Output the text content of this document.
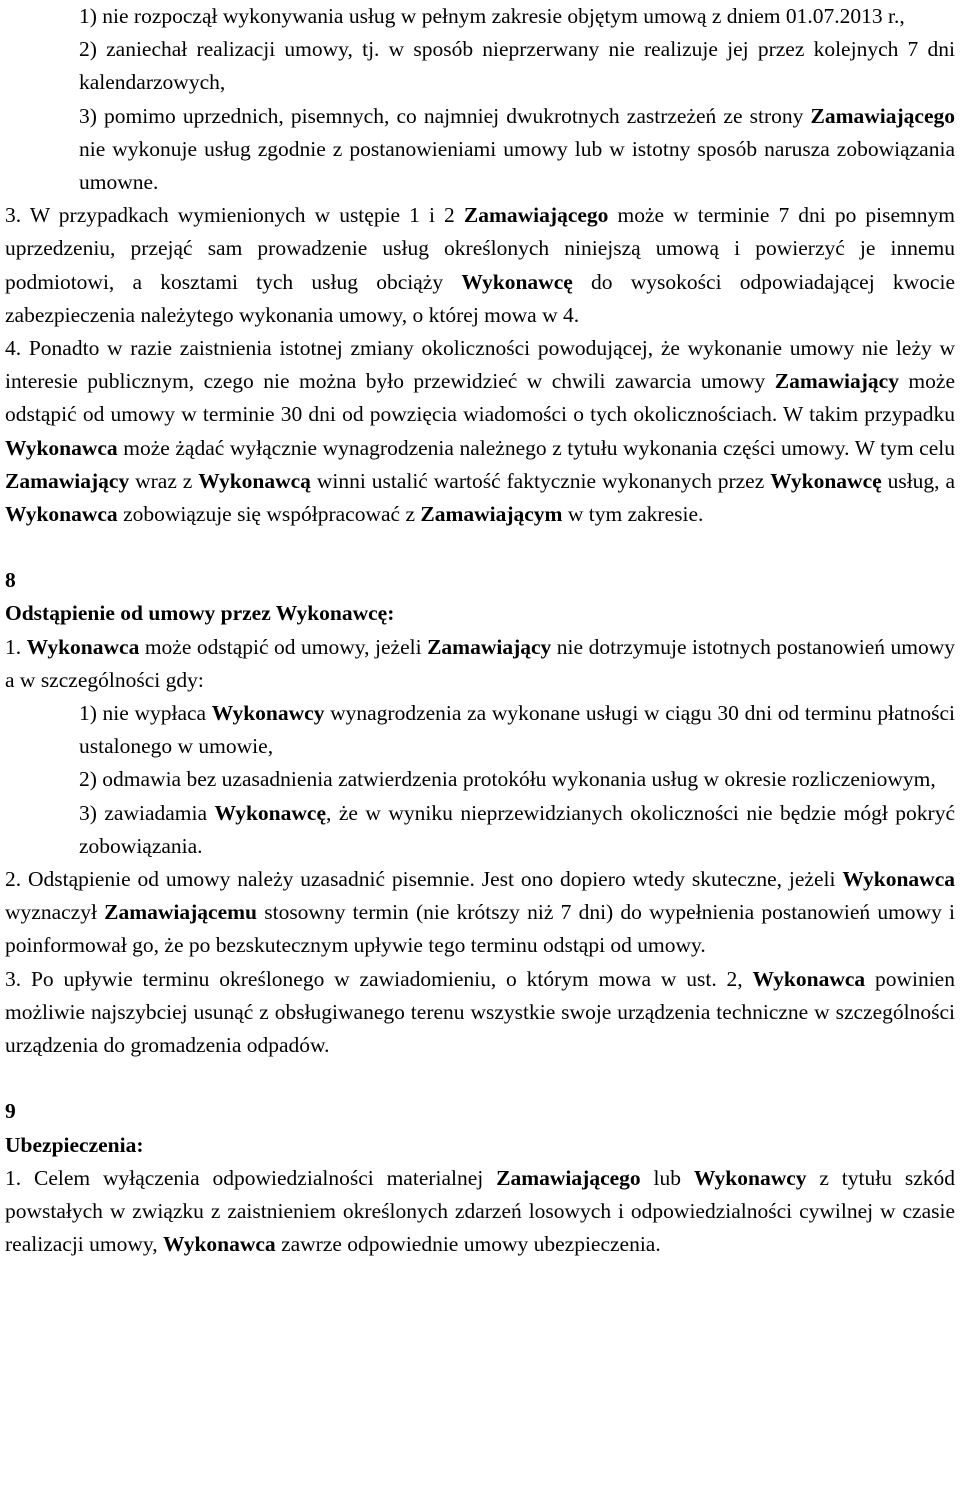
1) nie rozpoczął wykonywania usług w pełnym zakresie objętym umową z dniem 01.07.2013 r.,

2) zaniechał realizacji umowy, tj. w sposób nieprzerwany nie realizuje jej przez kolejnych 7 dni kalendarzowych,

3) pomimo uprzednich, pisemnych, co najmniej dwukrotnych zastrzeżeń ze strony Zamawiającego nie wykonuje usług zgodnie z postanowieniami umowy lub w istotny sposób narusza zobowiązania umowne.

3. W przypadkach wymienionych w ustępie 1 i 2 Zamawiającego może w terminie 7 dni po pisemnym uprzedzeniu, przejąć sam prowadzenie usług określonych niniejszą umową i powierzyć je innemu podmiotowi, a kosztami tych usług obciąży Wykonawcę do wysokości odpowiadającej kwocie zabezpieczenia należytego wykonania umowy, o której mowa w 4.

4. Ponadto w razie zaistnienia istotnej zmiany okoliczności powodującej, że wykonanie umowy nie leży w interesie publicznym, czego nie można było przewidzieć w chwili zawarcia umowy Zamawiający może odstąpić od umowy w terminie 30 dni od powzięcia wiadomości o tych okolicznościach. W takim przypadku Wykonawca może żądać wyłącznie wynagrodzenia należnego z tytułu wykonania części umowy. W tym celu Zamawiający wraz z Wykonawcą winni ustalić wartość faktycznie wykonanych przez Wykonawcę usług, a Wykonawca zobowiązuje się współpracować z Zamawiającym w tym zakresie.

8

Odstąpienie od umowy przez Wykonawcę:

1. Wykonawca może odstąpić od umowy, jeżeli Zamawiający nie dotrzymuje istotnych postanowień umowy a w szczególności gdy:

1) nie wypłaca Wykonawcy wynagrodzenia za wykonane usługi w ciągu 30 dni od terminu płatności ustalonego w umowie,

2) odmawia bez uzasadnienia zatwierdzenia protokółu wykonania usług w okresie rozliczeniowym,

3) zawiadamia Wykonawcę, że w wyniku nieprzewidzianych okoliczności nie będzie mógł pokryć zobowiązania.

2. Odstąpienie od umowy należy uzasadnić pisemnie. Jest ono dopiero wtedy skuteczne, jeżeli Wykonawca wyznaczył Zamawiającemu stosowny termin (nie krótszy niż 7 dni) do wypełnienia postanowień umowy i poinformował go, że po bezskutecznym upływie tego terminu odstąpi od umowy.

3. Po upływie terminu określonego w zawiadomieniu, o którym mowa w ust. 2, Wykonawca powinien możliwie najszybciej usunąć z obsługiwanego terenu wszystkie swoje urządzenia techniczne w szczególności urządzenia do gromadzenia odpadów.

9

Ubezpieczenia:

1. Celem wyłączenia odpowiedzialności materialnej Zamawiającego lub Wykonawcy z tytułu szkód powstałych w związku z zaistnieniem określonych zdarzeń losowych i odpowiedzialności cywilnej w czasie realizacji umowy, Wykonawca zawrze odpowiednie umowy ubezpieczenia.
